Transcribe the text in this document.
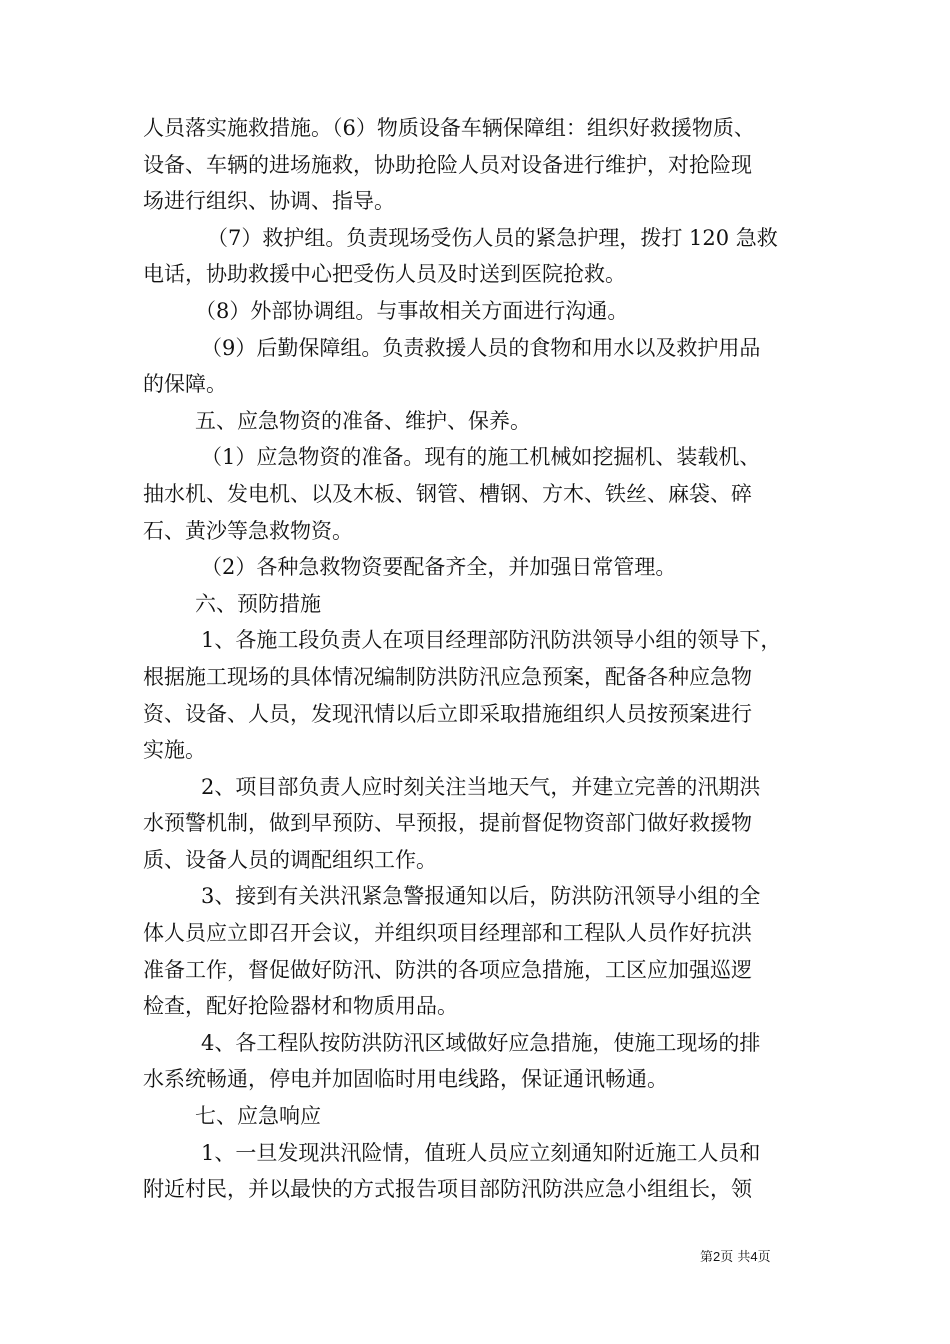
人员落实施救措施。（6）物质设备车辆保障组：组织好救援物质、
设备、车辆的进场施救，协助抢险人员对设备进行维护，对抢险现
场进行组织、协调、指导。
（7）救护组。负责现场受伤人员的紧急护理，拨打 120 急救
电话，协助救援中心把受伤人员及时送到医院抢救。
（8）外部协调组。与事故相关方面进行沟通。
（9）后勤保障组。负责救援人员的食物和用水以及救护用品
的保障。
五、应急物资的准备、维护、保养。
（1）应急物资的准备。现有的施工机械如挖掘机、装载机、
抽水机、发电机、以及木板、钢管、槽钢、方木、铁丝、麻袋、碎
石、黄沙等急救物资。
（2）各种急救物资要配备齐全，并加强日常管理。
六、预防措施
1、各施工段负责人在项目经理部防汛防洪领导小组的领导下，
根据施工现场的具体情况编制防洪防汛应急预案，配备各种应急物
资、设备、人员，发现汛情以后立即采取措施组织人员按预案进行
实施。
2、项目部负责人应时刻关注当地天气，并建立完善的汛期洪
水预警机制，做到早预防、早预报，提前督促物资部门做好救援物
质、设备人员的调配组织工作。
3、接到有关洪汛紧急警报通知以后，防洪防汛领导小组的全
体人员应立即召开会议，并组织项目经理部和工程队人员作好抗洪
准备工作，督促做好防汛、防洪的各项应急措施，工区应加强巡逻
检查，配好抢险器材和物质用品。
4、各工程队按防洪防汛区域做好应急措施，使施工现场的排
水系统畅通，停电并加固临时用电线路，保证通讯畅通。
七、应急响应
1、一旦发现洪汛险情，值班人员应立刻通知附近施工人员和
附近村民，并以最快的方式报告项目部防汛防洪应急小组组长，领
第2页 共4页
